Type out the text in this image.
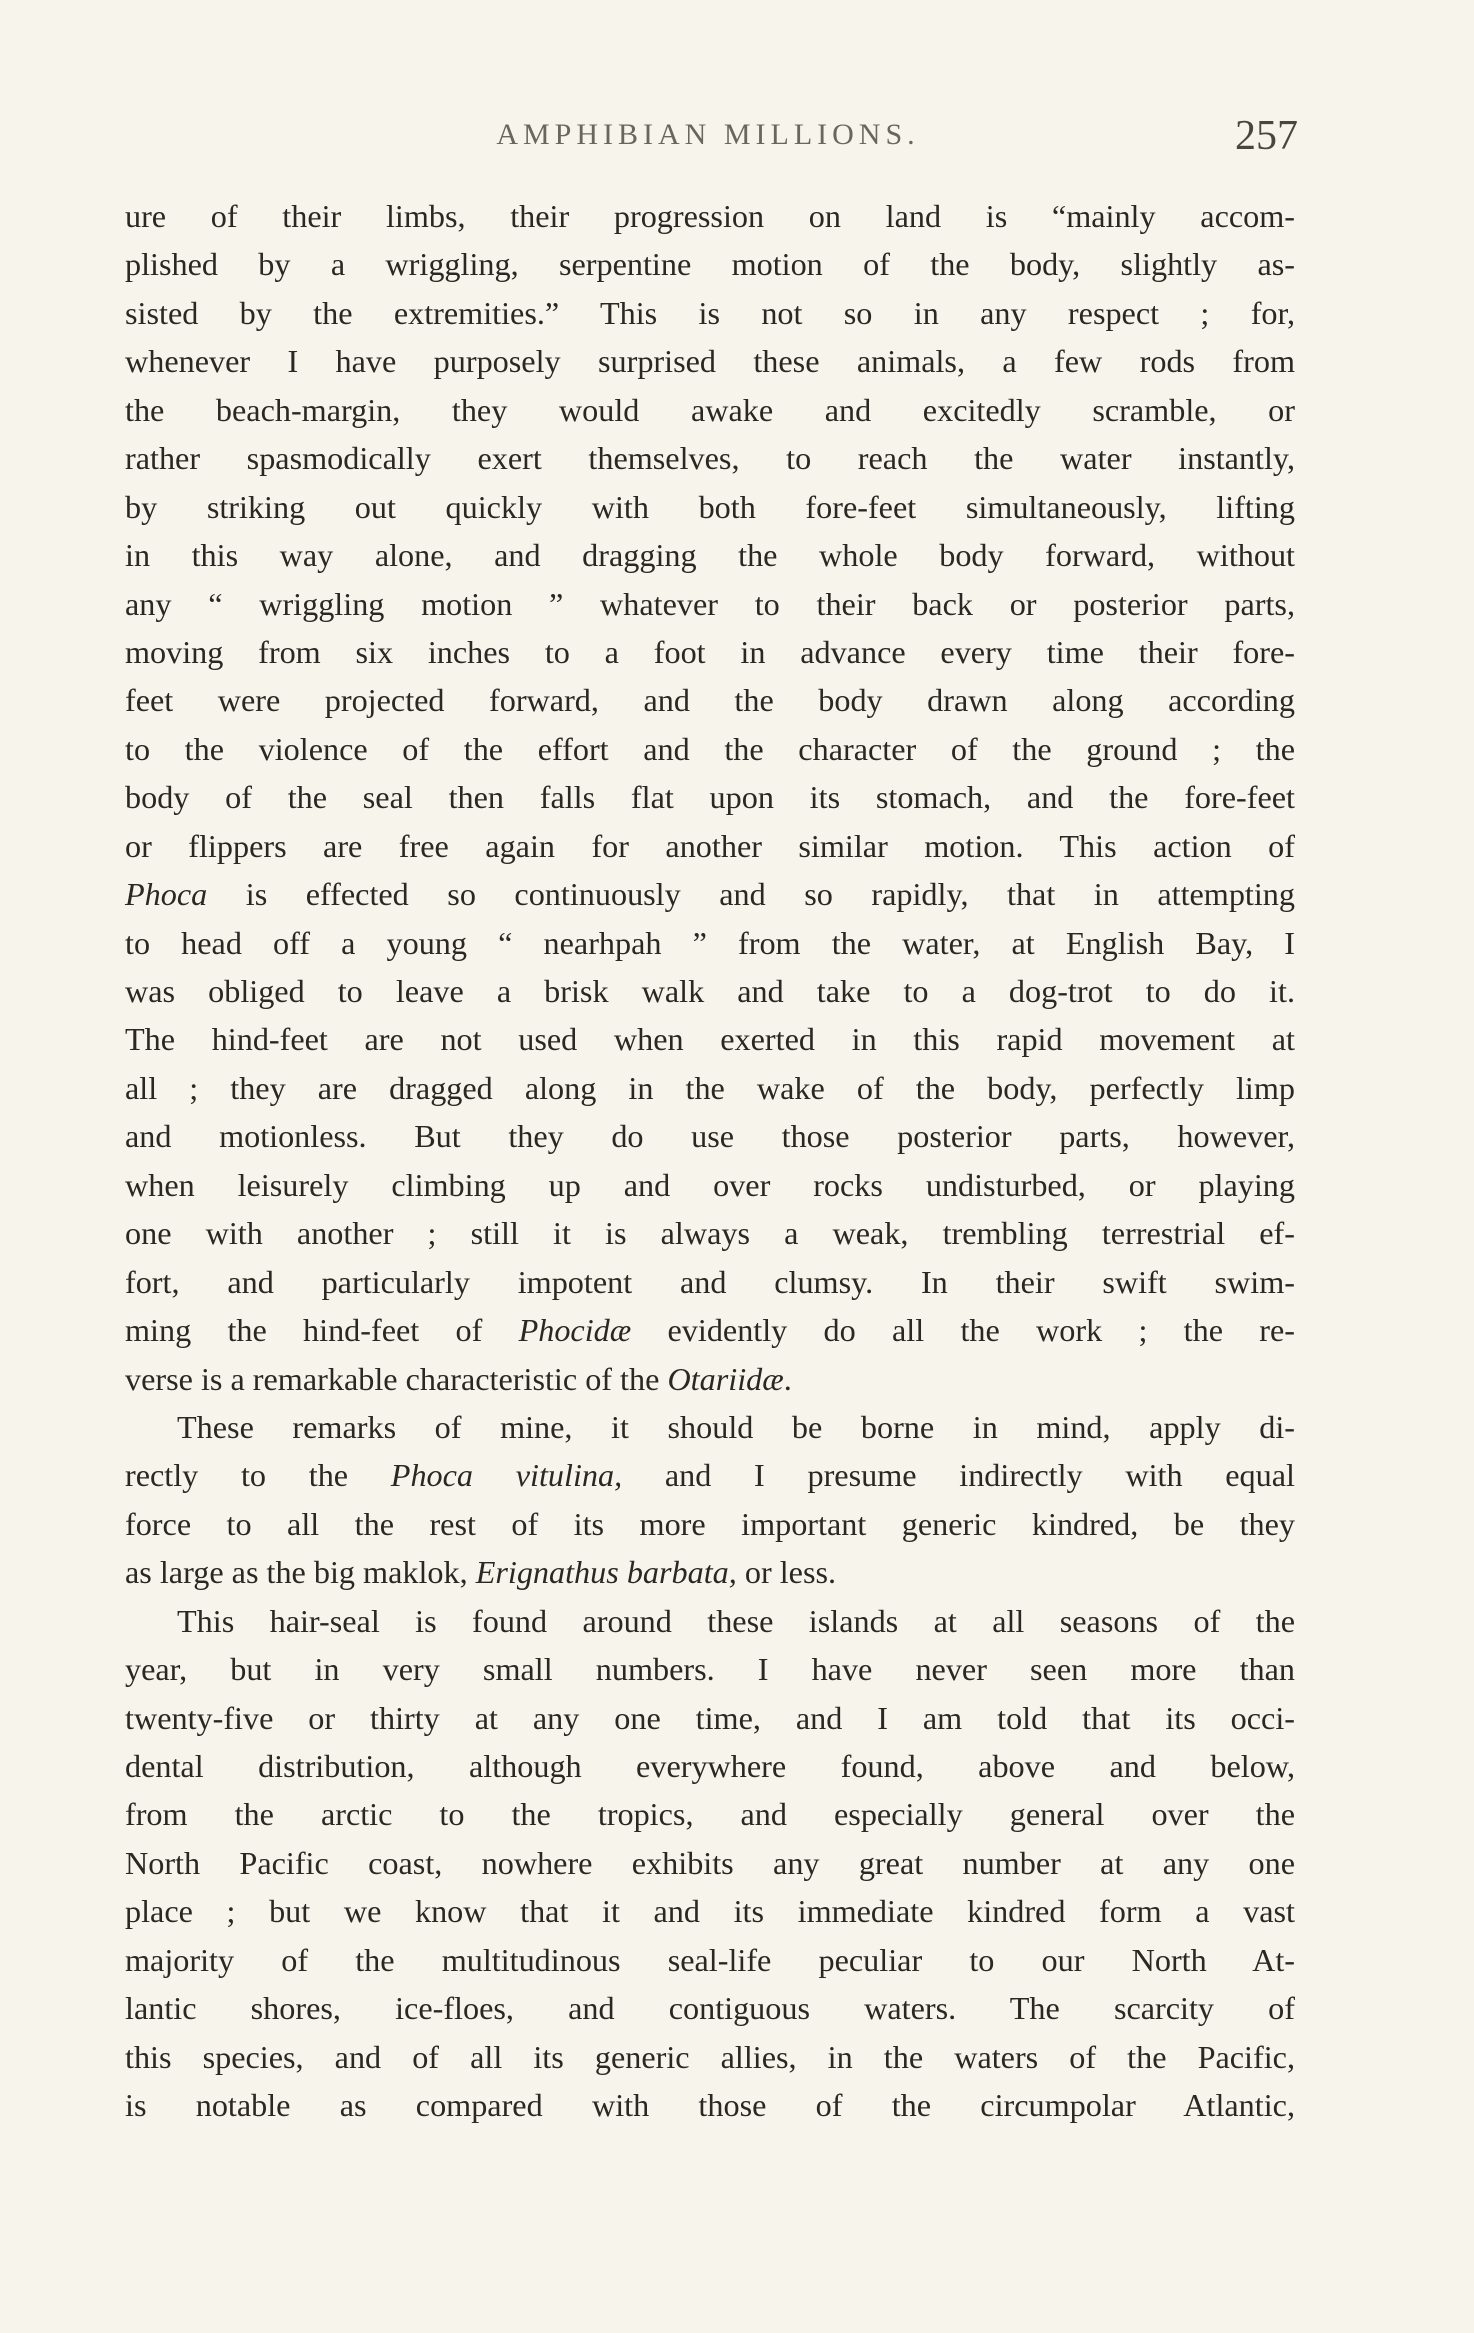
AMPHIBIAN MILLIONS.	257
ure of their limbs, their progression on land is “mainly accom-
plished by a wriggling, serpentine motion of the body, slightly as-
sisted by the extremities.” This is not so in any respect ; for,
whenever I have purposely surprised these animals, a few rods from
the beach-margin, they would awake and excitedly scramble, or
rather spasmodically exert themselves, to reach the water instantly,
by striking out quickly with both fore-feet simultaneously, lifting
in this way alone, and dragging the whole body forward, without
any “ wriggling motion ” whatever to their back or posterior parts,
moving from six inches to a foot in advance every time their fore-
feet were projected forward, and the body drawn along according
to the violence of the effort and the character of the ground ; the
body of the seal then falls flat upon its stomach, and the fore-feet
or flippers are free again for another similar motion. This action of
Phoca is effected so continuously and so rapidly, that in attempting
to head off a young “ nearhpah ” from the water, at English Bay, I
was obliged to leave a brisk walk and take to a dog-trot to do it.
The hind-feet are not used when exerted in this rapid movement at
all ; they are dragged along in the wake of the body, perfectly limp
and motionless. But they do use those posterior parts, however,
when leisurely climbing up and over rocks undisturbed, or playing
one with another ; still it is always a weak, trembling terrestrial ef-
fort, and particularly impotent and clumsy. In their swift swim-
ming the hind-feet of Phocidæ evidently do all the work ; the re-
verse is a remarkable characteristic of the Otariidæ.
These remarks of mine, it should be borne in mind, apply di-
rectly to the Phoca vitulina, and I presume indirectly with equal
force to all the rest of its more important generic kindred, be they
as large as the big maklok, Erignathus barbata, or less.
This hair-seal is found around these islands at all seasons of the
year, but in very small numbers. I have never seen more than
twenty-five or thirty at any one time, and I am told that its occi-
dental distribution, although everywhere found, above and below,
from the arctic to the tropics, and especially general over the
North Pacific coast, nowhere exhibits any great number at any one
place ; but we know that it and its immediate kindred form a vast
majority of the multitudinous seal-life peculiar to our North At-
lantic shores, ice-floes, and contiguous waters. The scarcity of
this species, and of all its generic allies, in the waters of the Pacific,
is notable as compared with those of the circumpolar Atlantic,
